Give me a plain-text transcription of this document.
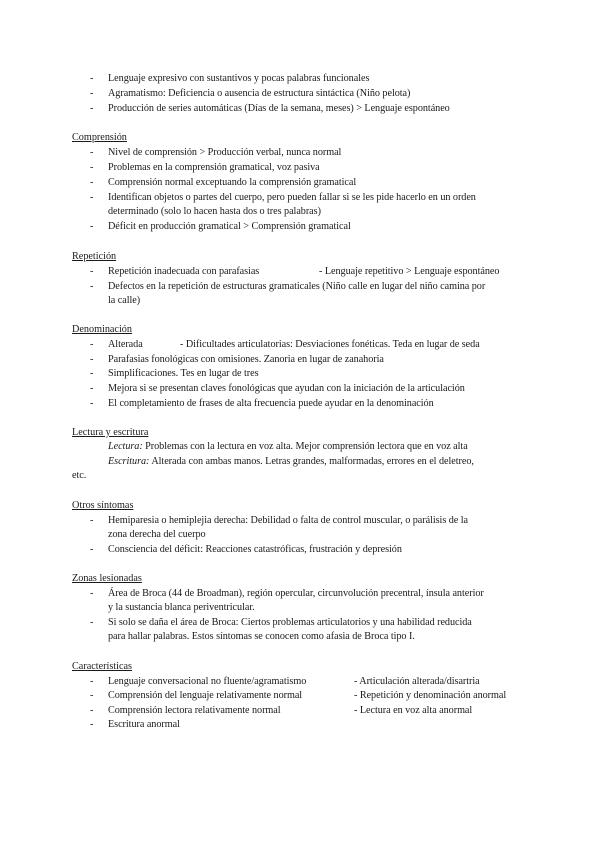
- Lenguaje expresivo con sustantivos y pocas palabras funcionales
- Agramatismo: Deficiencia o ausencia de estructura sintáctica (Niño pelota)
- Producción de series automáticas (Días de la semana, meses) > Lenguaje espontáneo
Comprensión
- Nivel de comprensión > Producción verbal, nunca normal
- Problemas en la comprensión gramatical, voz pasiva
- Comprensión normal exceptuando la comprensión gramatical
- Identifican objetos o partes del cuerpo, pero pueden fallar si se les pide hacerlo en un orden
determinado (solo lo hacen hasta dos o tres palabras)
- Déficit en producción gramatical > Comprensión gramatical
Repetición
- Repetición inadecuada con parafasias	- Lenguaje repetitivo > Lenguaje espontáneo
- Defectos en la repetición de estructuras gramaticales (Niño calle en lugar del niño camina por
la calle)
Denominación
- Alterada	- Dificultades articulatorias: Desviaciones fonéticas. Teda en lugar de seda
- Parafasias fonológicas con omisiones. Zanoria en lugar de zanahoria
- Simplificaciones. Tes en lugar de tres
- Mejora si se presentan claves fonológicas que ayudan con la iniciación de la articulación
- El completamiento de frases de alta frecuencia puede ayudar en la denominación
Lectura y escritura
Lectura: Problemas con la lectura en voz alta. Mejor comprensión lectora que en voz alta
Escritura: Alterada con ambas manos. Letras grandes, malformadas, errores en el deletreo,
etc.
Otros síntomas
- Hemiparesia o hemiplejia derecha: Debilidad o falta de control muscular, o parálisis de la
zona derecha del cuerpo
- Consciencia del déficit: Reacciones catastróficas, frustración y depresión
Zonas lesionadas
- Área de Broca (44 de Broadman), región opercular, circunvolución precentral, ínsula anterior
y la sustancia blanca periventricular.
- Si solo se daña el área de Broca: Ciertos problemas articulatorios y una habilidad reducida
para hallar palabras. Estos síntomas se conocen como afasia de Broca tipo I.
Características
- Lenguaje conversacional no fluente/agramatismo	- Articulación alterada/disartria
- Comprensión del lenguaje relativamente normal	- Repetición y denominación anormal
- Comprensión lectora relativamente normal	- Lectura en voz alta anormal
- Escritura anormal
